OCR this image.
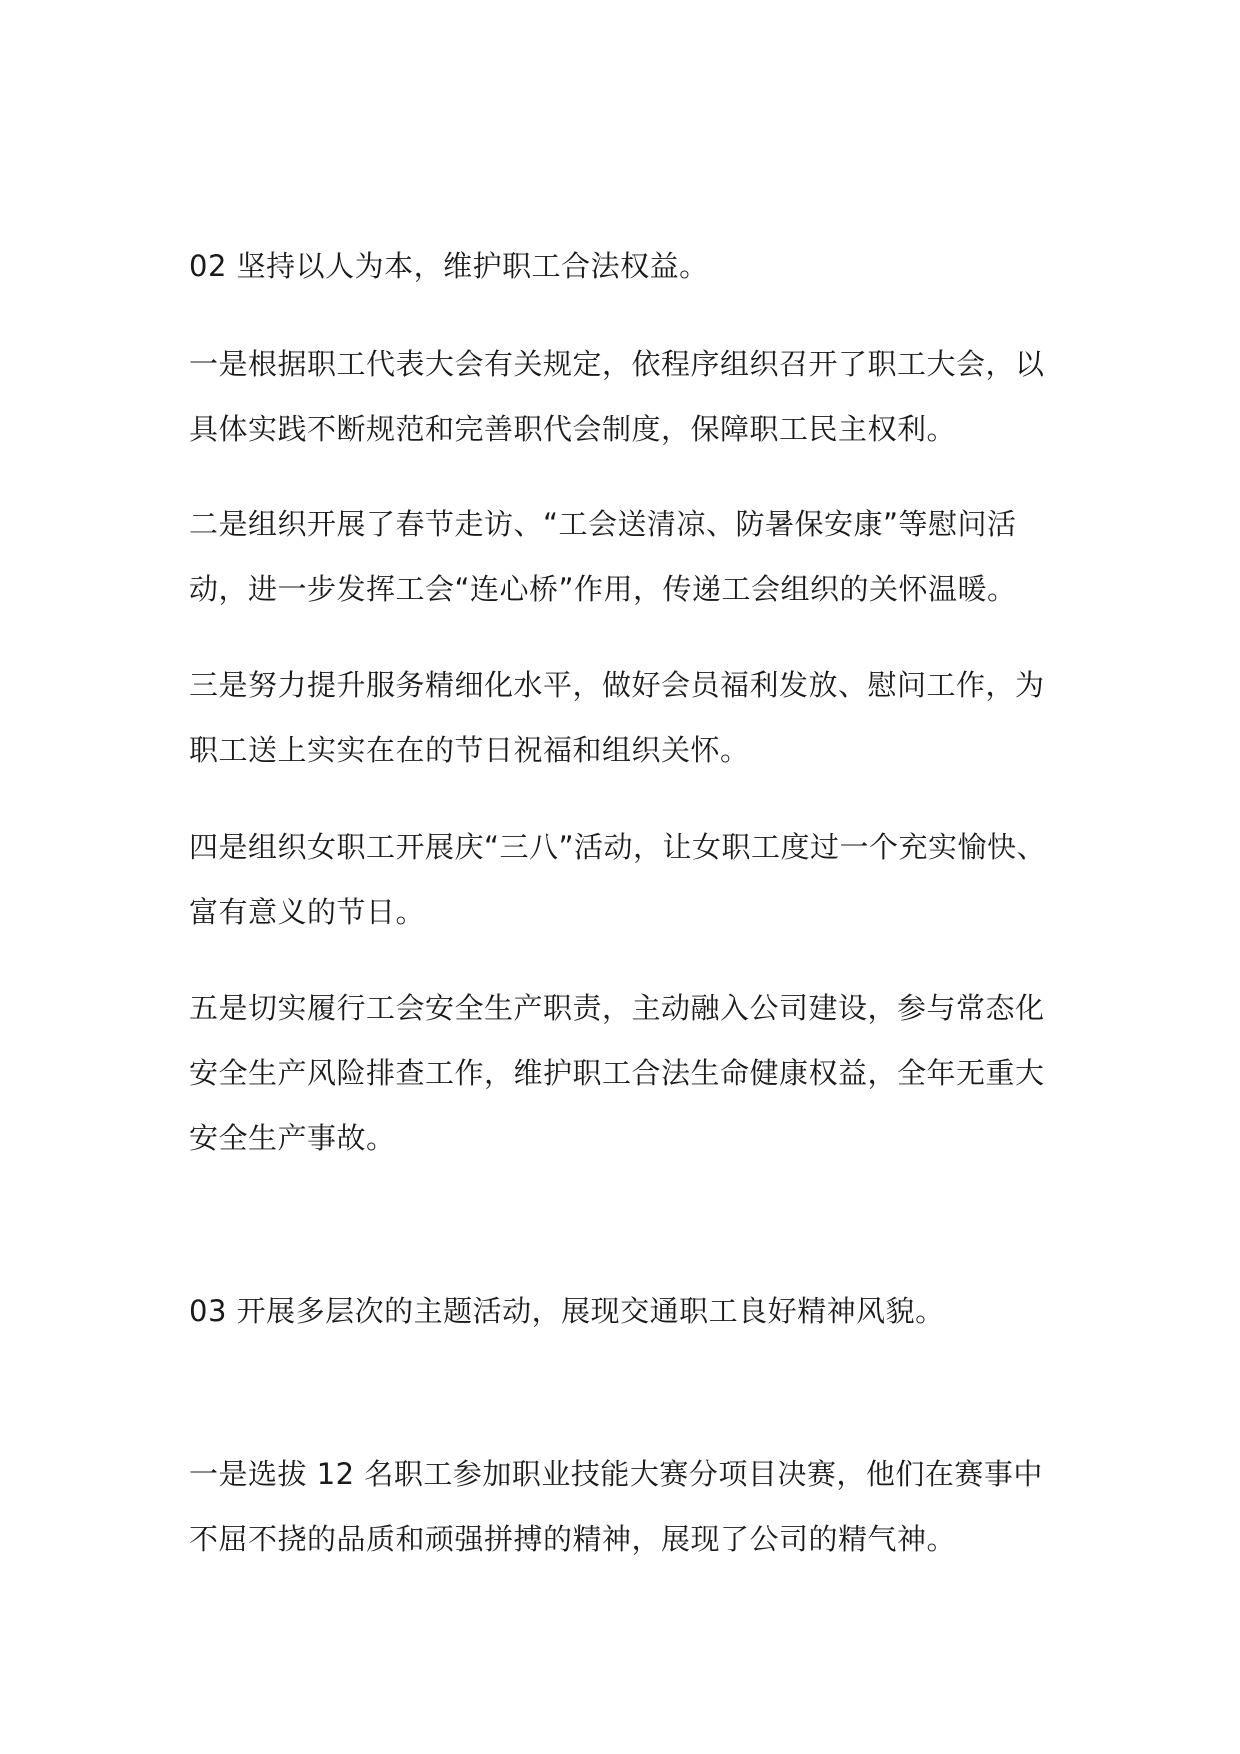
02 坚持以人为本，维护职工合法权益。

一是根据职工代表大会有关规定，依程序组织召开了职工大会，以具体实践不断规范和完善职代会制度，保障职工民主权利。

二是组织开展了春节走访、“工会送清凉、防暑保安康”等慰问活动，进一步发挥工会“连心桥”作用，传递工会组织的关怀温暖。

三是努力提升服务精细化水平，做好会员福利发放、慰问工作，为职工送上实实在在的节日祝福和组织关怀。

四是组织女职工开展庆“三八”活动，让女职工度过一个充实愉快、富有意义的节日。

五是切实履行工会安全生产职责，主动融入公司建设，参与常态化安全生产风险排查工作，维护职工合法生命健康权益，全年无重大安全生产事故。

03 开展多层次的主题活动，展现交通职工良好精神风貌。

一是选拔 12 名职工参加职业技能大赛分项目决赛，他们在赛事中不屈不挠的品质和顽强拼搏的精神，展现了公司的精气神。
